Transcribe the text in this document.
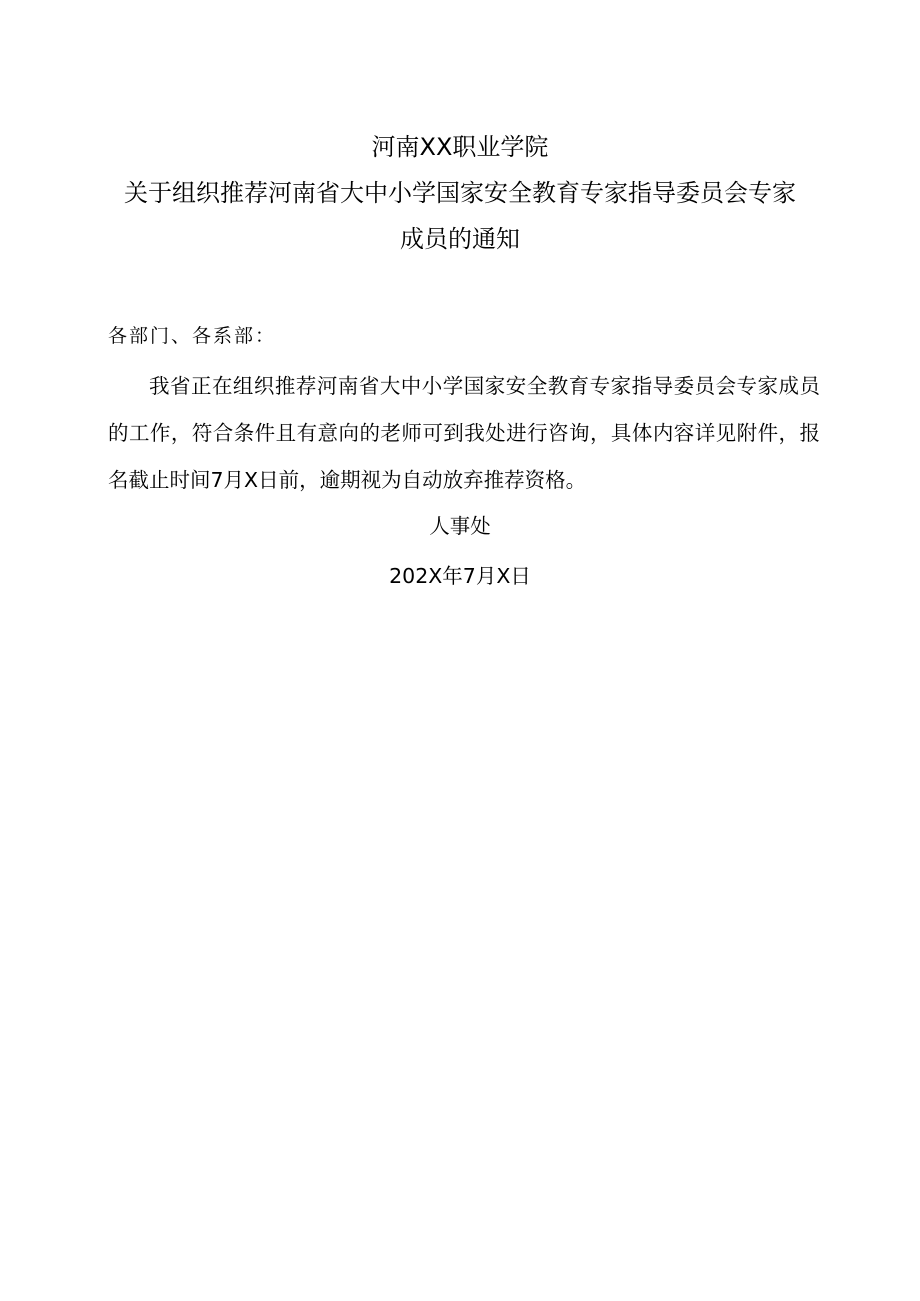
河南XX职业学院
关于组织推荐河南省大中小学国家安全教育专家指导委员会专家
成员的通知
各部门、各系部：
我省正在组织推荐河南省大中小学国家安全教育专家指导委员会专家成员的工作，符合条件且有意向的老师可到我处进行咨询，具体内容详见附件，报名截止时间7月X日前，逾期视为自动放弃推荐资格。
人事处
202X年7月X日
